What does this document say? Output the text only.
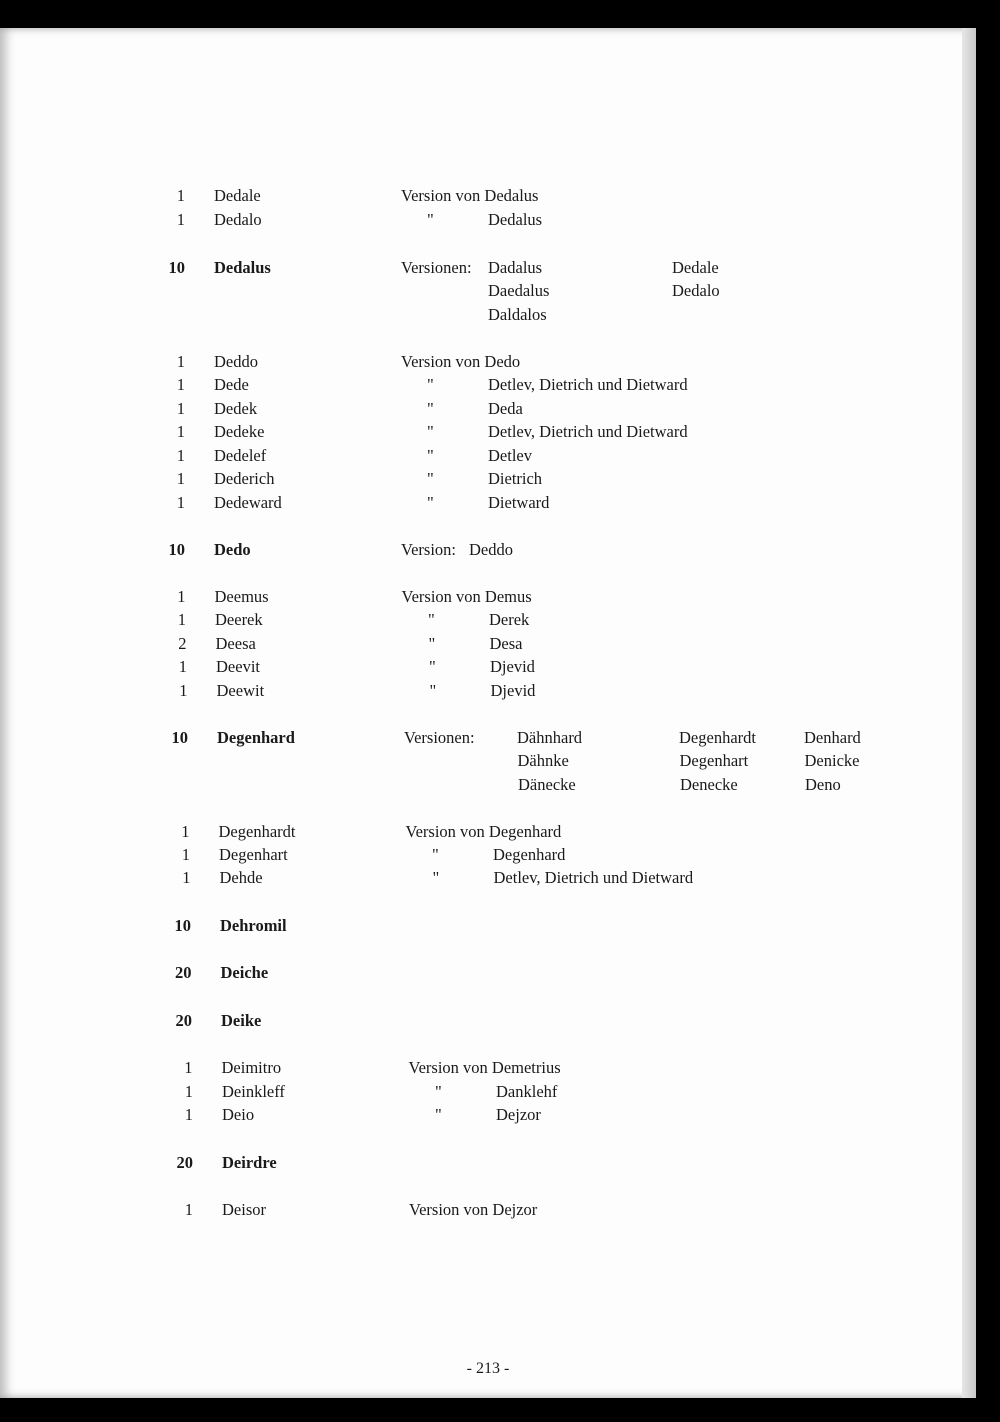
1 Dedale	Version von Dedalus
1 Dedalo	"	Dedalus
10 Dedalus	Versionen: Dadalus	Dedale
Daedalus	Dedalo
Daldalos
1 Deddo	Version von Dedo
1 Dede	"	Detlev, Dietrich und Dietward
1 Dedek	"	Deda
1 Dedeke	"	Detlev, Dietrich und Dietward
1 Dedelef	"	Detlev
1 Dederich	"	Dietrich
1 Dedeward	"	Dietward
10 Dedo	Version: Deddo
1 Deemus	Version von Demus
1 Deerek	"	Derek
2 Deesa	"	Desa
1 Deevit	"	Djevid
1 Deewit	"	Djevid
10 Degenhard	Versionen:	Dähnhard	Degenhardt	Denhard
Dähnke	Degenhart	Denicke
Dänecke	Denecke	Deno
1 Degenhardt	Version von Degenhard
1 Degenhart	"	Degenhard
1 Dehde	"	Detlev, Dietrich und Dietward
10 Dehromil
20 Deiche
20 Deike
1 Deimitro	Version von Demetrius
1 Deinkleff	"	Danklehf
1 Deio	"	Dejzor
20 Deirdre
1 Deisor	Version von Dejzor
- 213 -
